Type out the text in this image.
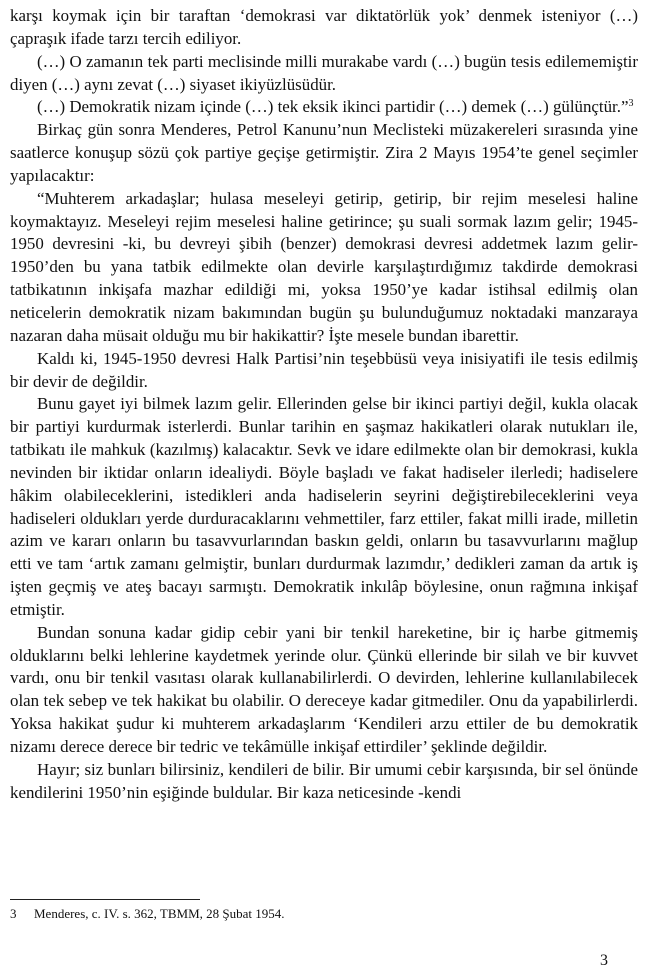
karşı koymak için bir taraftan ‘demokrasi var diktatörlük yok’ denmek isteniyor (…) çapraşık ifade tarzı tercih ediliyor.

(…) O zamanın tek parti meclisinde milli murakabe vardı (…) bugün tesis edilememiştir diyen (…) aynı zevat (…) siyaset ikiyüzlüsüdür.

(…) Demokratik nizam içinde (…) tek eksik ikinci partidir (…) demek (…) gülünçtür.”$^3$

Birkaç gün sonra Menderes, Petrol Kanunu’nun Meclisteki müzakereleri sırasında yine saatlerce konuşup sözü çok partiye geçişe getirmiştir. Zira 2 Mayıs 1954’te genel seçimler yapılacaktır:

“Muhterem arkadaşlar; hulasa meseleyi getirip, getirip, bir rejim meselesi haline koymaktayız. Meseleyi rejim meselesi haline getirince; şu suali sormak lazım gelir; 1945-1950 devresini -ki, bu devreyi şibih (benzer) demokrasi devresi addetmek lazım gelir- 1950’den bu yana tatbik edilmekte olan devirle karşılaştırdığımız takdirde demokrasi tatbikatının inkişafa mazhar edildiği mi, yoksa 1950’ye kadar istihsal edilmiş olan neticelerin demokratik nizam bakımından bugün şu bulunduğumuz noktadaki manzaraya nazaran daha müsait olduğu mu bir hakikattir? İşte mesele bundan ibarettir.

Kaldı ki, 1945-1950 devresi Halk Partisi’nin teşebbüsü veya inisiyatifi ile tesis edilmiş bir devir de değildir.

Bunu gayet iyi bilmek lazım gelir. Ellerinden gelse bir ikinci partiyi değil, kukla olacak bir partiyi kurdurmak isterlerdi. Bunlar tarihin en şaşmaz hakikatleri olarak nutukları ile, tatbikatı ile mahkuk (kazılmış) kalacaktır. Sevk ve idare edilmekte olan bir demokrasi, kukla nevinden bir iktidar onların idealiydi. Böyle başladı ve fakat hadiseler ilerledi; hadiselere hâkim olabileceklerini, istedikleri anda hadiselerin seyrini değiştirebileceklerini veya hadiseleri oldukları yerde durduracaklarını vehmettiler, farz ettiler, fakat milli irade, milletin azim ve kararı onların bu tasavvurlarından baskın geldi, onların bu tasavvurlarını mağlup etti ve tam ‘artık zamanı gelmiştir, bunları durdurmak lazımdır,’ dedikleri zaman da artık iş işten geçmiş ve ateş bacayı sarmıştı. Demokratik inkılâp böylesine, onun rağmına inkişaf etmiştir.

Bundan sonuna kadar gidip cebir yani bir tenkil hareketine, bir iç harbe gitmemiş olduklarını belki lehlerine kaydetmek yerinde olur. Çünkü ellerinde bir silah ve bir kuvvet vardı, onu bir tenkil vasıtası olarak kullanabilirlerdi. O devirden, lehlerine kullanılabilecek olan tek sebep ve tek hakikat bu olabilir. O dereceye kadar gitmediler. Onu da yapabilirlerdi. Yoksa hakikat şudur ki muhterem arkadaşlarım ‘Kendileri arzu ettiler de bu demokratik nizamı derece derece bir tedric ve tekâmülle inkişaf ettirdiler’ şeklinde değildir.

Hayır; siz bunları bilirsiniz, kendileri de bilir. Bir umumi cebir karşısında, bir sel önünde kendilerini 1950’nin eşiğinde buldular. Bir kaza neticesinde -kendi

3 Menderes, c. IV. s. 362, TBMM, 28 Şubat 1954.
3
